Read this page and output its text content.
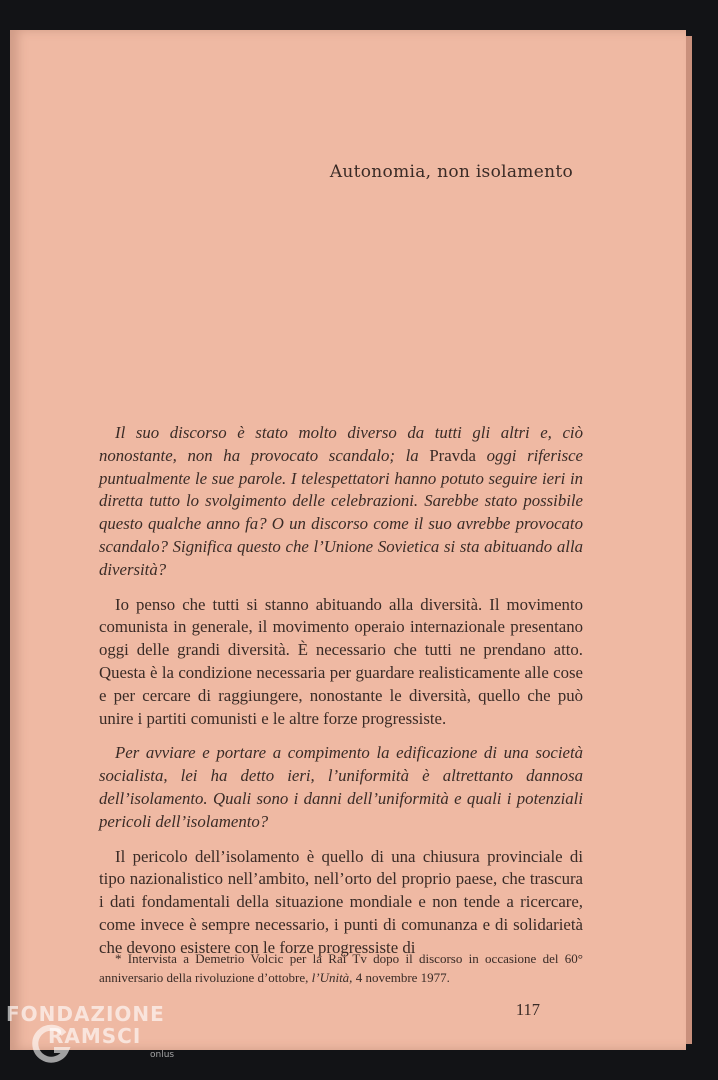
Autonomia, non isolamento

Il suo discorso è stato molto diverso da tutti gli altri e, ciò nonostante, non ha provocato scandalo; la Pravda oggi riferisce puntualmente le sue parole. I telespettatori hanno potuto seguire ieri in diretta tutto lo svolgimento delle celebrazioni. Sarebbe stato possibile questo qualche anno fa? O un discorso come il suo avrebbe provocato scandalo? Significa questo che l’Unione Sovietica si sta abituando alla diversità?

Io penso che tutti si stanno abituando alla diversità. Il movimento comunista in generale, il movimento operaio internazionale presentano oggi delle grandi diversità. È necessario che tutti ne prendano atto. Questa è la condizione necessaria per guardare realisticamente alle cose e per cercare di raggiungere, nonostante le diversità, quello che può unire i partiti comunisti e le altre forze progressiste.

Per avviare e portare a compimento la edificazione di una società socialista, lei ha detto ieri, l’uniformità è altrettanto dannosa dell’isolamento. Quali sono i danni dell’uniformità e quali i potenziali pericoli dell’isolamento?

Il pericolo dell’isolamento è quello di una chiusura provinciale di tipo nazionalistico nell’ambito, nell’orto del proprio paese, che trascura i dati fondamentali della situazione mondiale e non tende a ricercare, come invece è sempre necessario, i punti di comunanza e di solidarietà che devono esistere con le forze progressiste di

* Intervista a Demetrio Volcic per la Rai Tv dopo il discorso in occasione del 60° anniversario della rivoluzione d’ottobre, l’Unità, 4 novembre 1977.

117
FONDAZIONE
RAMSCI
onlus
